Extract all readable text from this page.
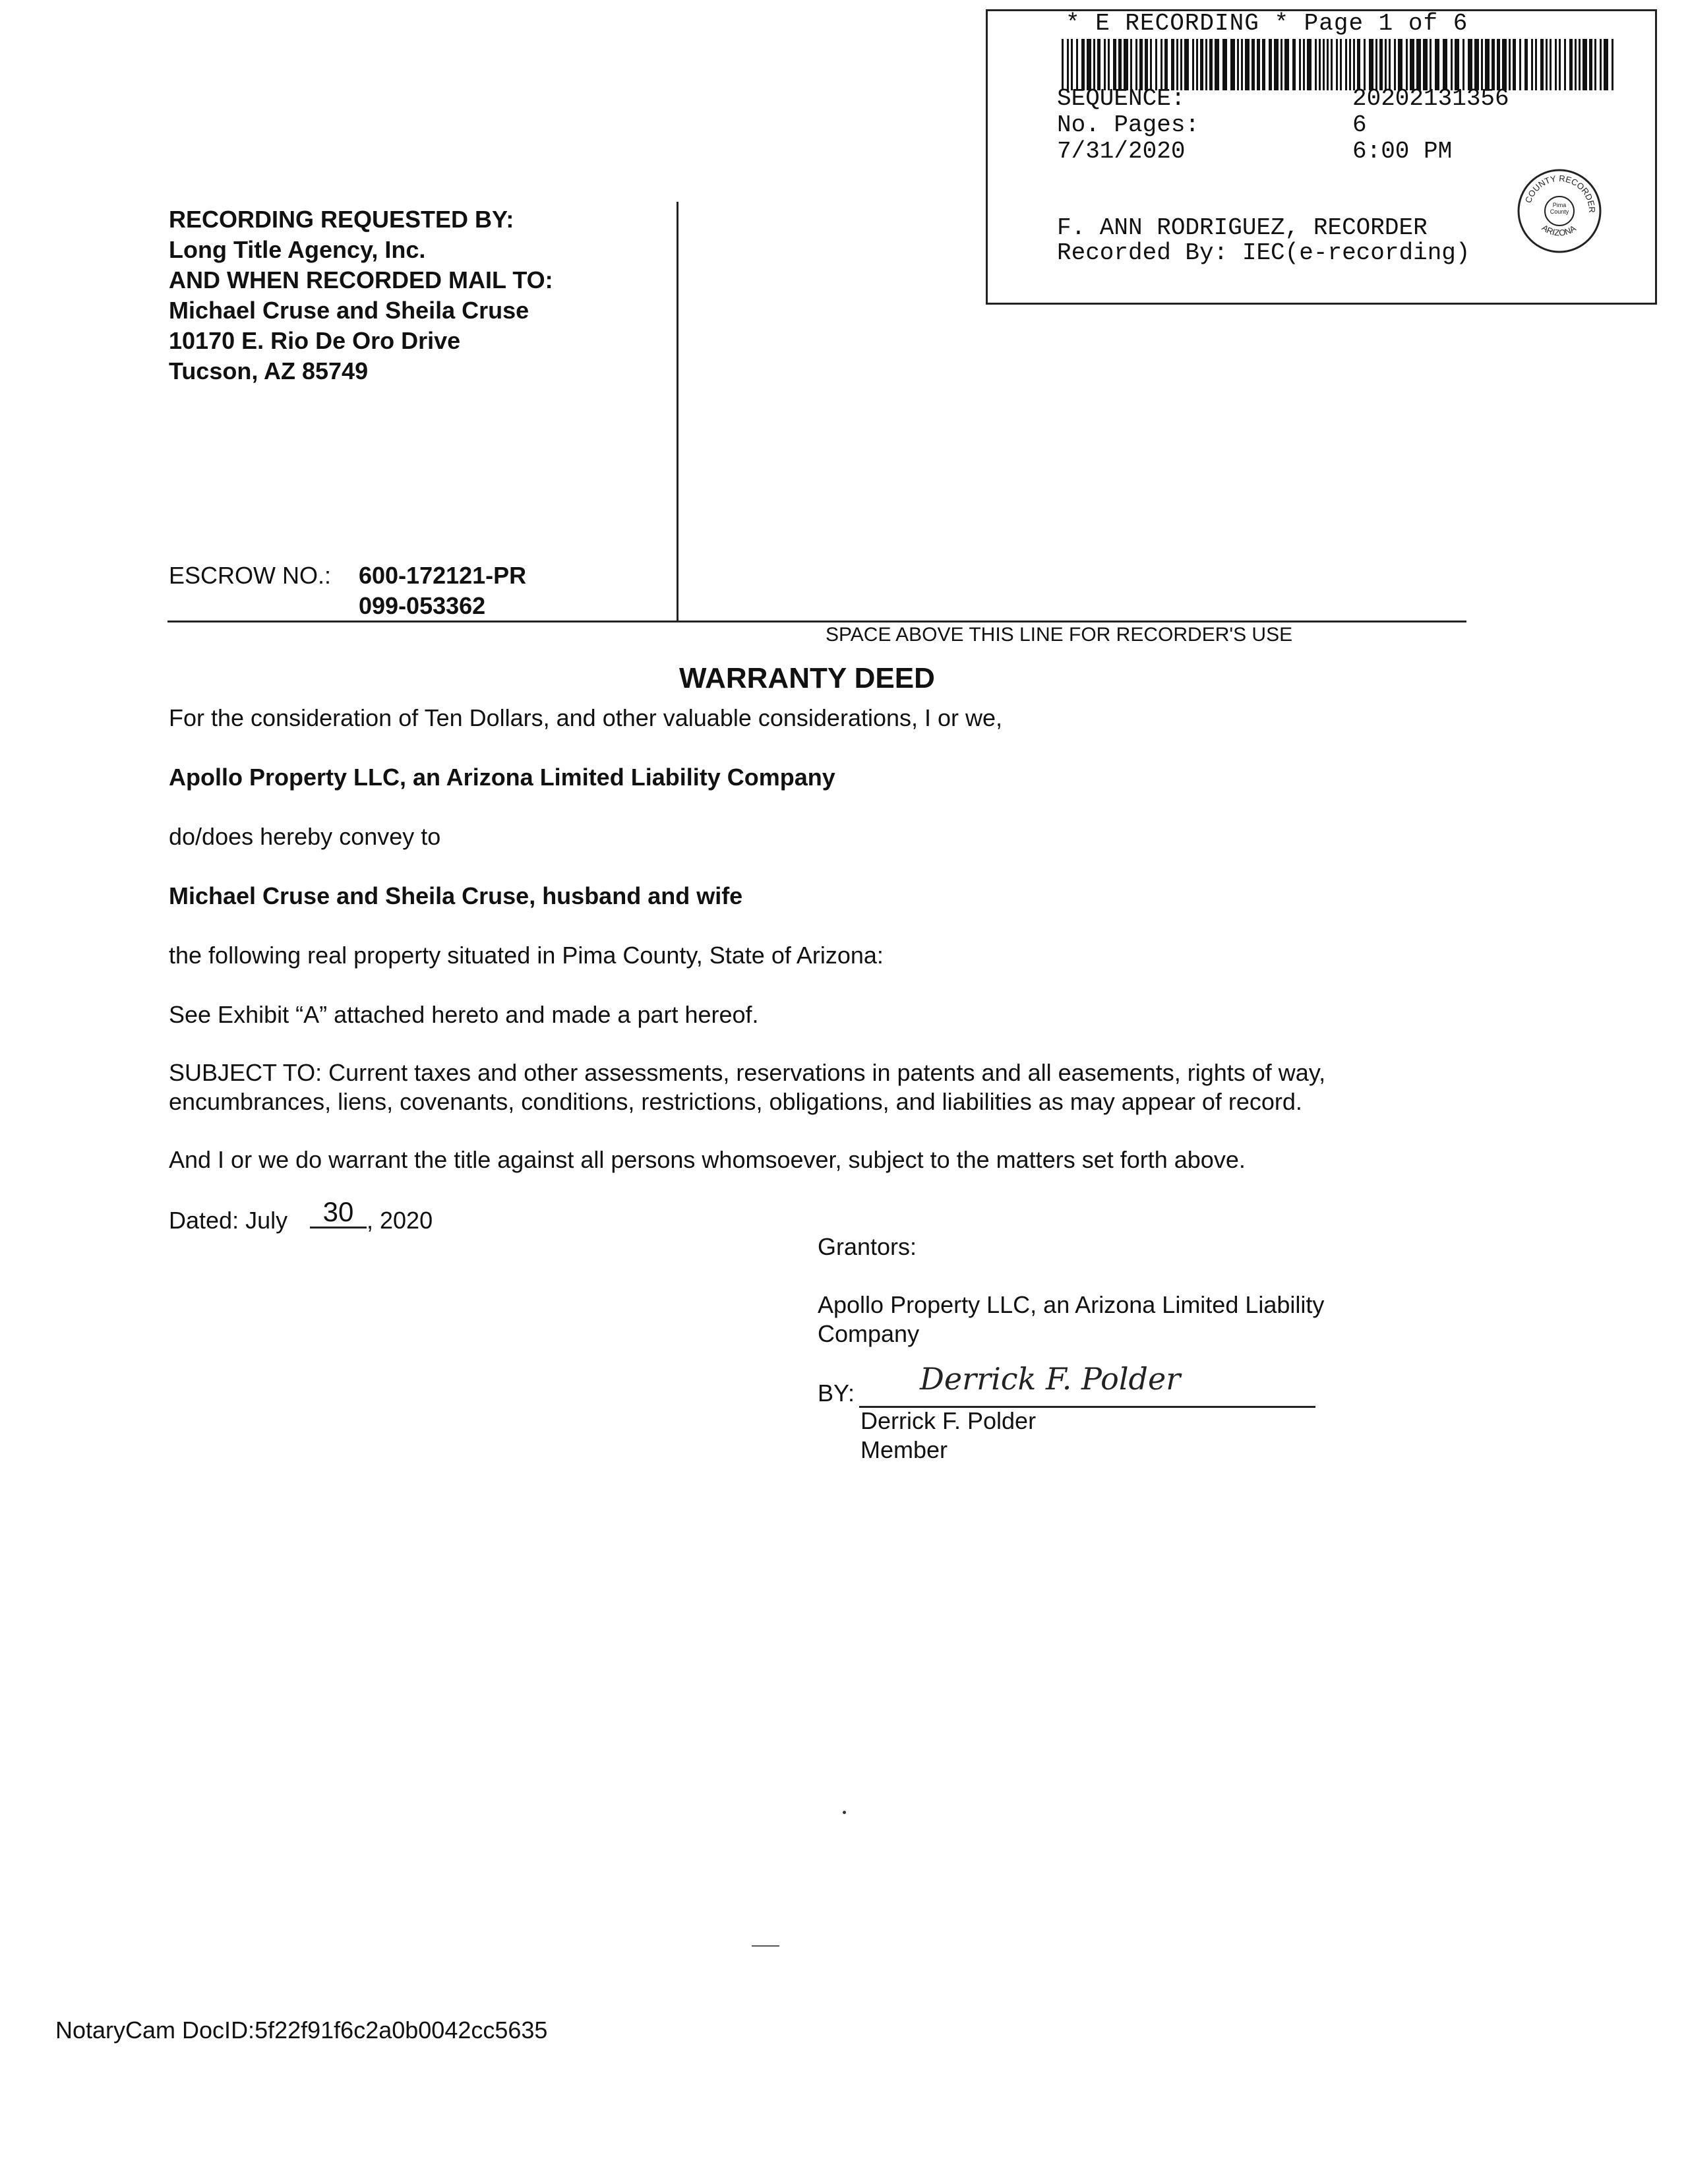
* E RECORDING * Page 1 of 6
SEQUENCE:	20202131356
No. Pages:	6
7/31/2020	6:00 PM
F. ANN RODRIGUEZ, RECORDER
Recorded By: IEC(e-recording)
COUNTY RECORDER
ARIZONA
Pima County
RECORDING REQUESTED BY:
Long Title Agency, Inc.
AND WHEN RECORDED MAIL TO:
Michael Cruse and Sheila Cruse
10170 E. Rio De Oro Drive
Tucson, AZ 85749
ESCROW NO.: 600-172121-PR
099-053362
SPACE ABOVE THIS LINE FOR RECORDER'S USE
WARRANTY DEED
For the consideration of Ten Dollars, and other valuable considerations, I or we,
Apollo Property LLC, an Arizona Limited Liability Company
do/does hereby convey to
Michael Cruse and Sheila Cruse, husband and wife
the following real property situated in Pima County, State of Arizona:
See Exhibit “A” attached hereto and made a part hereof.
SUBJECT TO: Current taxes and other assessments, reservations in patents and all easements, rights of way,
encumbrances, liens, covenants, conditions, restrictions, obligations, and liabilities as may appear of record.
And I or we do warrant the title against all persons whomsoever, subject to the matters set forth above.
Dated: July	30 , 2020
Grantors:
Apollo Property LLC, an Arizona Limited Liability
Company
BY: Derrick F. Polder
Derrick F. Polder
Member
NotaryCam DocID:5f22f91f6c2a0b0042cc5635
